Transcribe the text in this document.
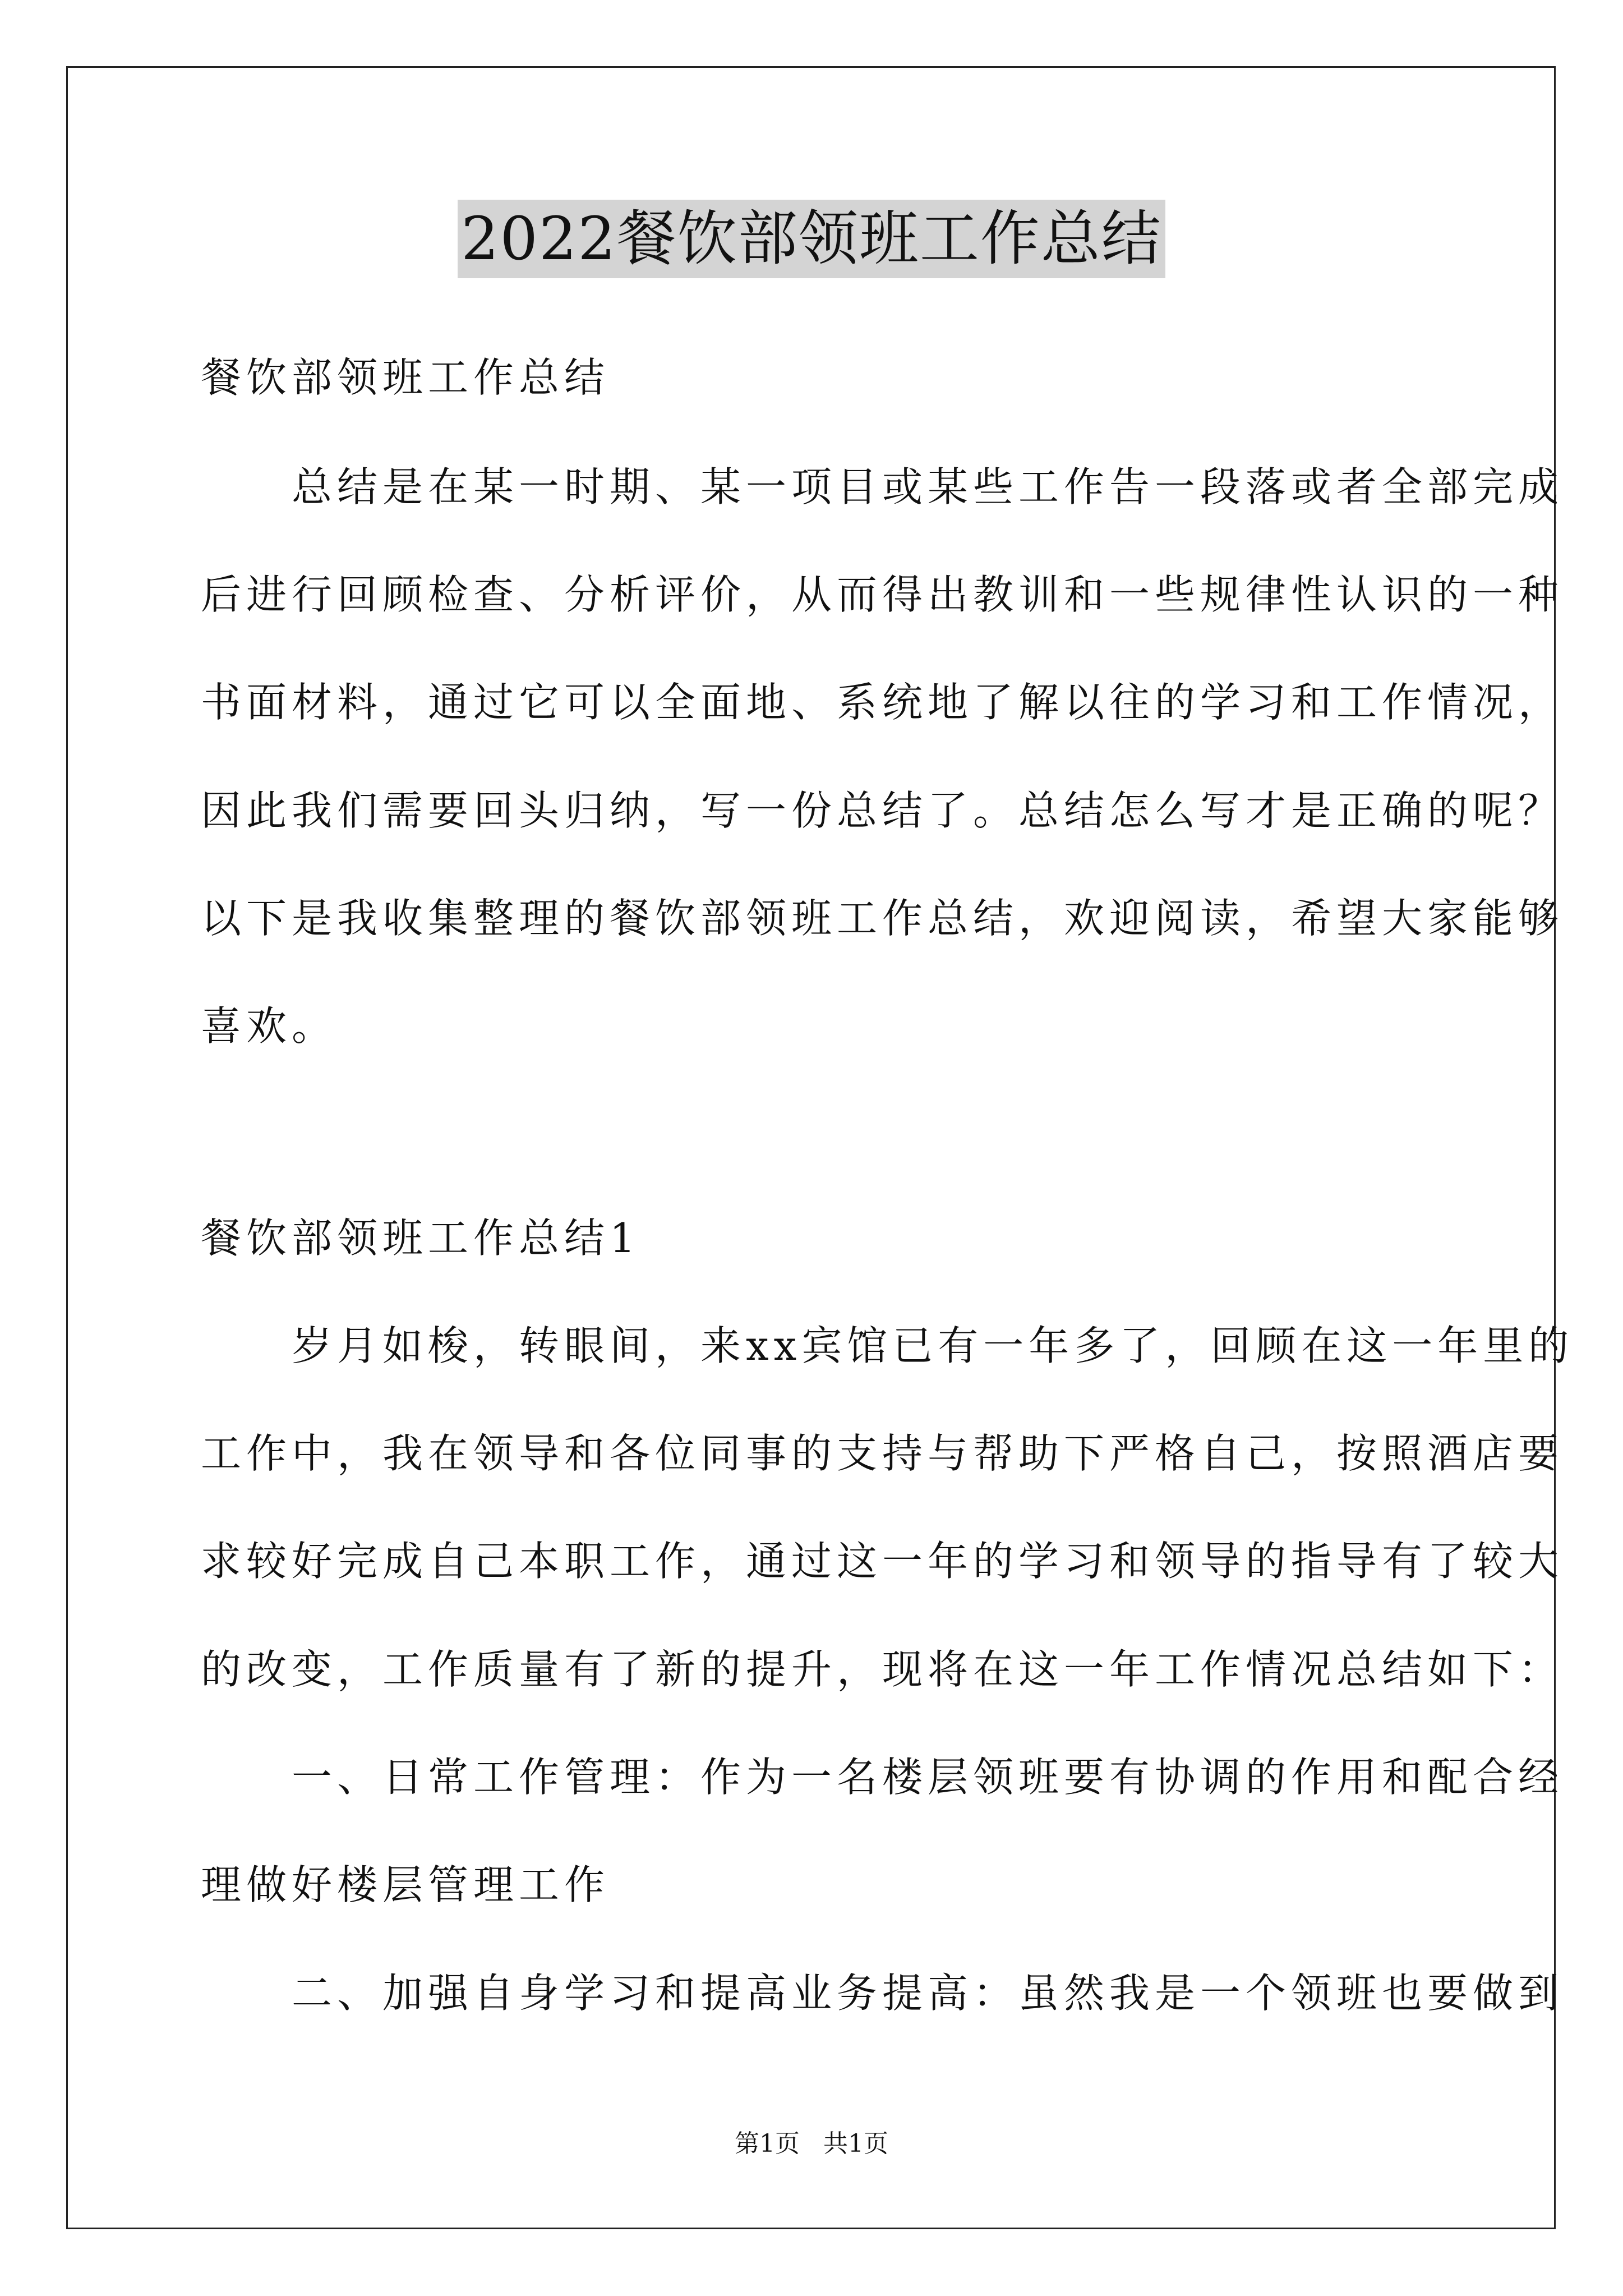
2022餐饮部领班工作总结
餐饮部领班工作总结
　　总结是在某一时期、某一项目或某些工作告一段落或者全部完成
后进行回顾检查、分析评价，从而得出教训和一些规律性认识的一种
书面材料，通过它可以全面地、系统地了解以往的学习和工作情况，
因此我们需要回头归纳，写一份总结了。总结怎么写才是正确的呢？
以下是我收集整理的餐饮部领班工作总结，欢迎阅读，希望大家能够
喜欢。
餐饮部领班工作总结1
　　岁月如梭，转眼间，来xx宾馆已有一年多了，回顾在这一年里的
工作中，我在领导和各位同事的支持与帮助下严格自己，按照酒店要
求较好完成自己本职工作，通过这一年的学习和领导的指导有了较大
的改变，工作质量有了新的提升，现将在这一年工作情况总结如下：
　　一、日常工作管理：作为一名楼层领班要有协调的作用和配合经
理做好楼层管理工作
　　二、加强自身学习和提高业务提高：虽然我是一个领班也要做到
第1页 共1页
